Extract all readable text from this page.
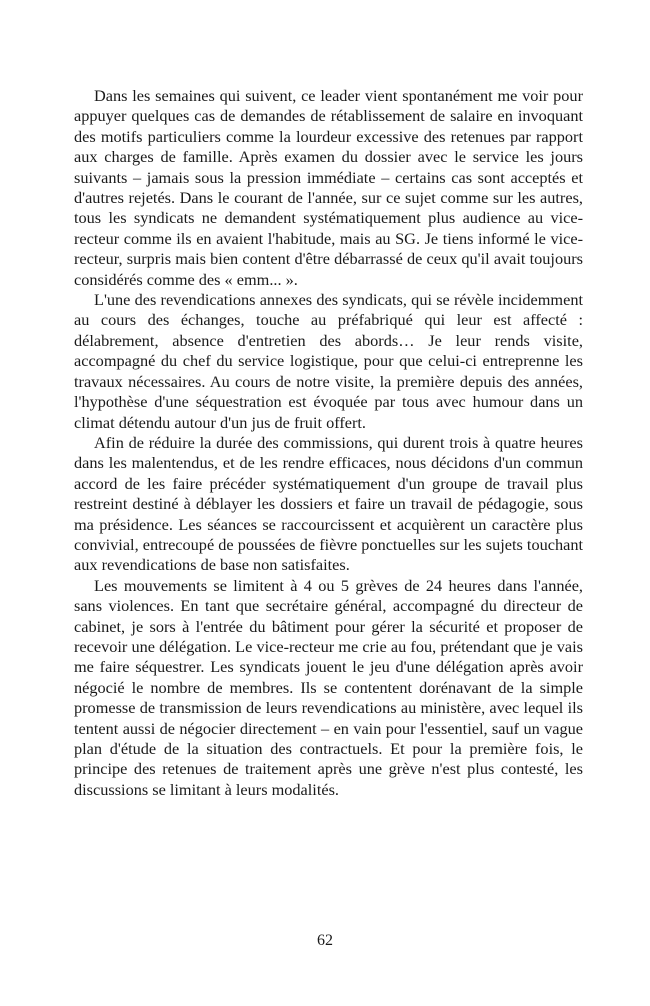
Dans les semaines qui suivent, ce leader vient spontanément me voir pour appuyer quelques cas de demandes de rétablissement de salaire en invoquant des motifs particuliers comme la lourdeur excessive des retenues par rapport aux charges de famille. Après examen du dossier avec le service les jours suivants – jamais sous la pression immédiate – certains cas sont acceptés et d'autres rejetés. Dans le courant de l'année, sur ce sujet comme sur les autres, tous les syndicats ne demandent systématiquement plus audience au vice-recteur comme ils en avaient l'habitude, mais au SG. Je tiens informé le vice-recteur, surpris mais bien content d'être débarrassé de ceux qu'il avait toujours considérés comme des « emm... ».

L'une des revendications annexes des syndicats, qui se révèle incidemment au cours des échanges, touche au préfabriqué qui leur est affecté : délabrement, absence d'entretien des abords… Je leur rends visite, accompagné du chef du service logistique, pour que celui-ci entreprenne les travaux nécessaires. Au cours de notre visite, la première depuis des années, l'hypothèse d'une séquestration est évoquée par tous avec humour dans un climat détendu autour d'un jus de fruit offert.

Afin de réduire la durée des commissions, qui durent trois à quatre heures dans les malentendus, et de les rendre efficaces, nous décidons d'un commun accord de les faire précéder systématiquement d'un groupe de travail plus restreint destiné à déblayer les dossiers et faire un travail de pédagogie, sous ma présidence. Les séances se raccourcissent et acquièrent un caractère plus convivial, entrecoupé de poussées de fièvre ponctuelles sur les sujets touchant aux revendications de base non satisfaites.

Les mouvements se limitent à 4 ou 5 grèves de 24 heures dans l'année, sans violences. En tant que secrétaire général, accompagné du directeur de cabinet, je sors à l'entrée du bâtiment pour gérer la sécurité et proposer de recevoir une délégation. Le vice-recteur me crie au fou, prétendant que je vais me faire séquestrer. Les syndicats jouent le jeu d'une délégation après avoir négocié le nombre de membres. Ils se contentent dorénavant de la simple promesse de transmission de leurs revendications au ministère, avec lequel ils tentent aussi de négocier directement – en vain pour l'essentiel, sauf un vague plan d'étude de la situation des contractuels. Et pour la première fois, le principe des retenues de traitement après une grève n'est plus contesté, les discussions se limitant à leurs modalités.

62
